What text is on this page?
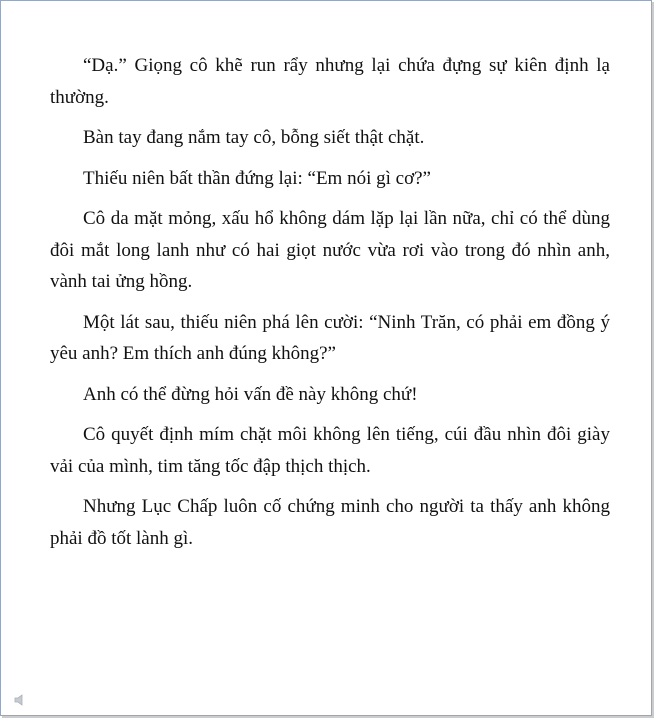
“Dạ.” Giọng cô khẽ run rẩy nhưng lại chứa đựng sự kiên định lạ thường.

Bàn tay đang nắm tay cô, bỗng siết thật chặt.

Thiếu niên bất thần đứng lại: “Em nói gì cơ?”

Cô da mặt mỏng, xấu hổ không dám lặp lại lần nữa, chỉ có thể dùng đôi mắt long lanh như có hai giọt nước vừa rơi vào trong đó nhìn anh, vành tai ửng hồng.

Một lát sau, thiếu niên phá lên cười: “Ninh Trăn, có phải em đồng ý yêu anh? Em thích anh đúng không?”

Anh có thể đừng hỏi vấn đề này không chứ!

Cô quyết định mím chặt môi không lên tiếng, cúi đầu nhìn đôi giày vải của mình, tim tăng tốc đập thịch thịch.

Nhưng Lục Chấp luôn cố chứng minh cho người ta thấy anh không phải đồ tốt lành gì.
